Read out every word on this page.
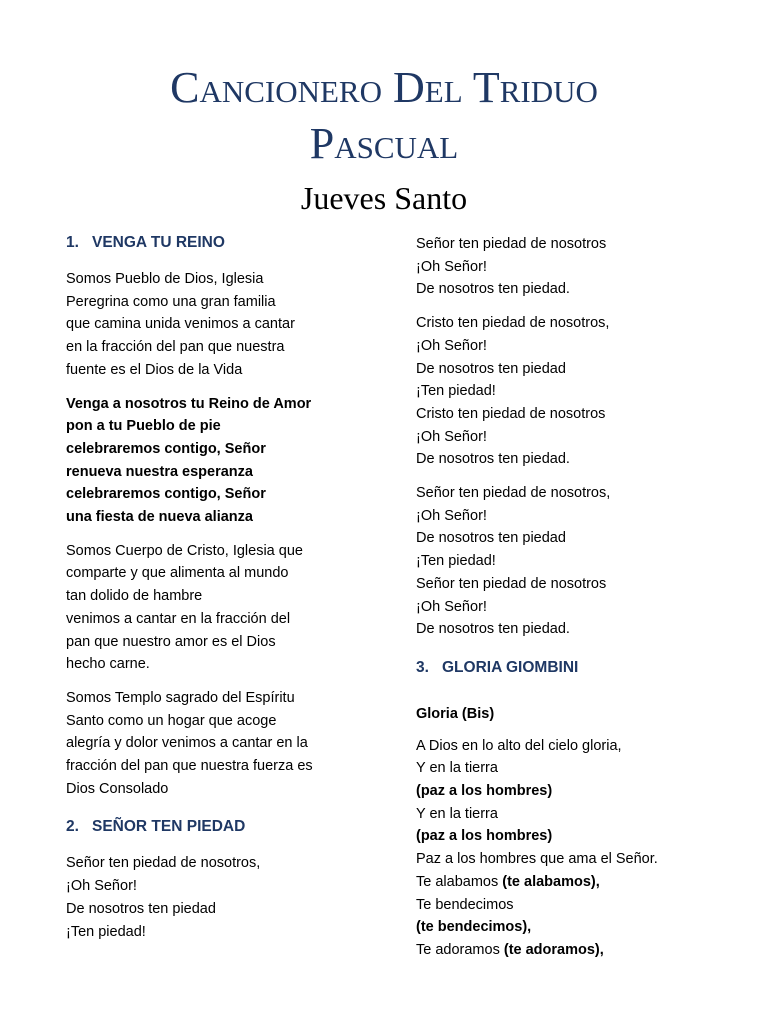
Cancionero Del Triduo
Pascual
Jueves Santo
1. VENGA TU REINO
Somos Pueblo de Dios, Iglesia
Peregrina como una gran familia
que camina unida venimos a cantar
en la fracción del pan que nuestra
fuente es el Dios de la Vida
Venga a nosotros tu Reino de Amor
pon a tu Pueblo de pie
celebraremos contigo, Señor
renueva nuestra esperanza
celebraremos contigo, Señor
una fiesta de nueva alianza
Somos Cuerpo de Cristo, Iglesia que
comparte y que alimenta al mundo
tan dolido de hambre
venimos a cantar en la fracción del
pan que nuestro amor es el Dios
hecho carne.
Somos Templo sagrado del Espíritu
Santo como un hogar que acoge
alegría y dolor venimos a cantar en la
fracción del pan que nuestra fuerza es
Dios Consolado
2. SEÑOR TEN PIEDAD
Señor ten piedad de nosotros,
¡Oh Señor!
De nosotros ten piedad
¡Ten piedad!
Señor ten piedad de nosotros
¡Oh Señor!
De nosotros ten piedad.
Cristo ten piedad de nosotros,
¡Oh Señor!
De nosotros ten piedad
¡Ten piedad!
Cristo ten piedad de nosotros
¡Oh Señor!
De nosotros ten piedad.
Señor ten piedad de nosotros,
¡Oh Señor!
De nosotros ten piedad
¡Ten piedad!
Señor ten piedad de nosotros
¡Oh Señor!
De nosotros ten piedad.
3. GLORIA GIOMBINI
Gloria (Bis)
A Dios en lo alto del cielo gloria,
Y en la tierra
(paz a los hombres)
Y en la tierra
(paz a los hombres)
Paz a los hombres que ama el Señor.
Te alabamos (te alabamos),
Te bendecimos
(te bendecimos),
Te adoramos (te adoramos),
